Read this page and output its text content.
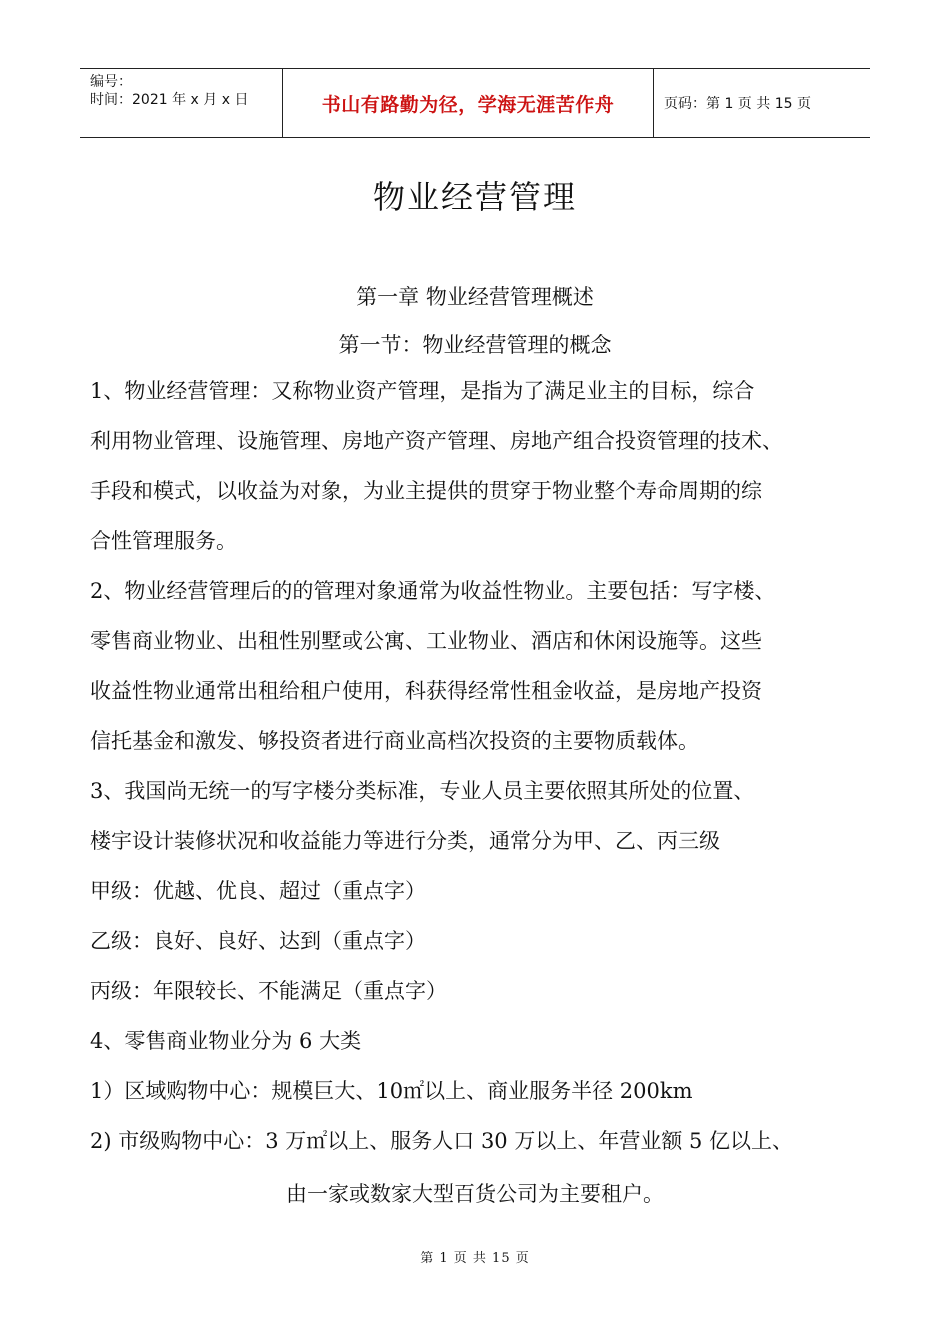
编号：
时间：2021 年 x 月 x 日	书山有路勤为径，学海无涯苦作舟	页码：第 1 页 共 15 页
物业经营管理
第一章 物业经营管理概述
第一节：物业经营管理的概念

1、物业经营管理：又称物业资产管理，是指为了满足业主的目标，综合

利用物业管理、设施管理、房地产资产管理、房地产组合投资管理的技术、

手段和模式，以收益为对象，为业主提供的贯穿于物业整个寿命周期的综

合性管理服务。

2、物业经营管理后的的管理对象通常为收益性物业。主要包括：写字楼、

零售商业物业、出租性别墅或公寓、工业物业、酒店和休闲设施等。这些

收益性物业通常出租给租户使用，科获得经常性租金收益，是房地产投资

信托基金和激发、够投资者进行商业高档次投资的主要物质载体。

3、我国尚无统一的写字楼分类标准，专业人员主要依照其所处的位置、

楼宇设计装修状况和收益能力等进行分类，通常分为甲、乙、丙三级

甲级：优越、优良、超过（重点字）

乙级：良好、良好、达到（重点字）

丙级：年限较长、不能满足（重点字）

4、零售商业物业分为 6 大类

1）区域购物中心：规模巨大、10㎡以上、商业服务半径 200km

2) 市级购物中心：3 万㎡以上、服务人口 30 万以上、年营业额 5 亿以上、

由一家或数家大型百货公司为主要租户。
第 1 页 共 15 页
